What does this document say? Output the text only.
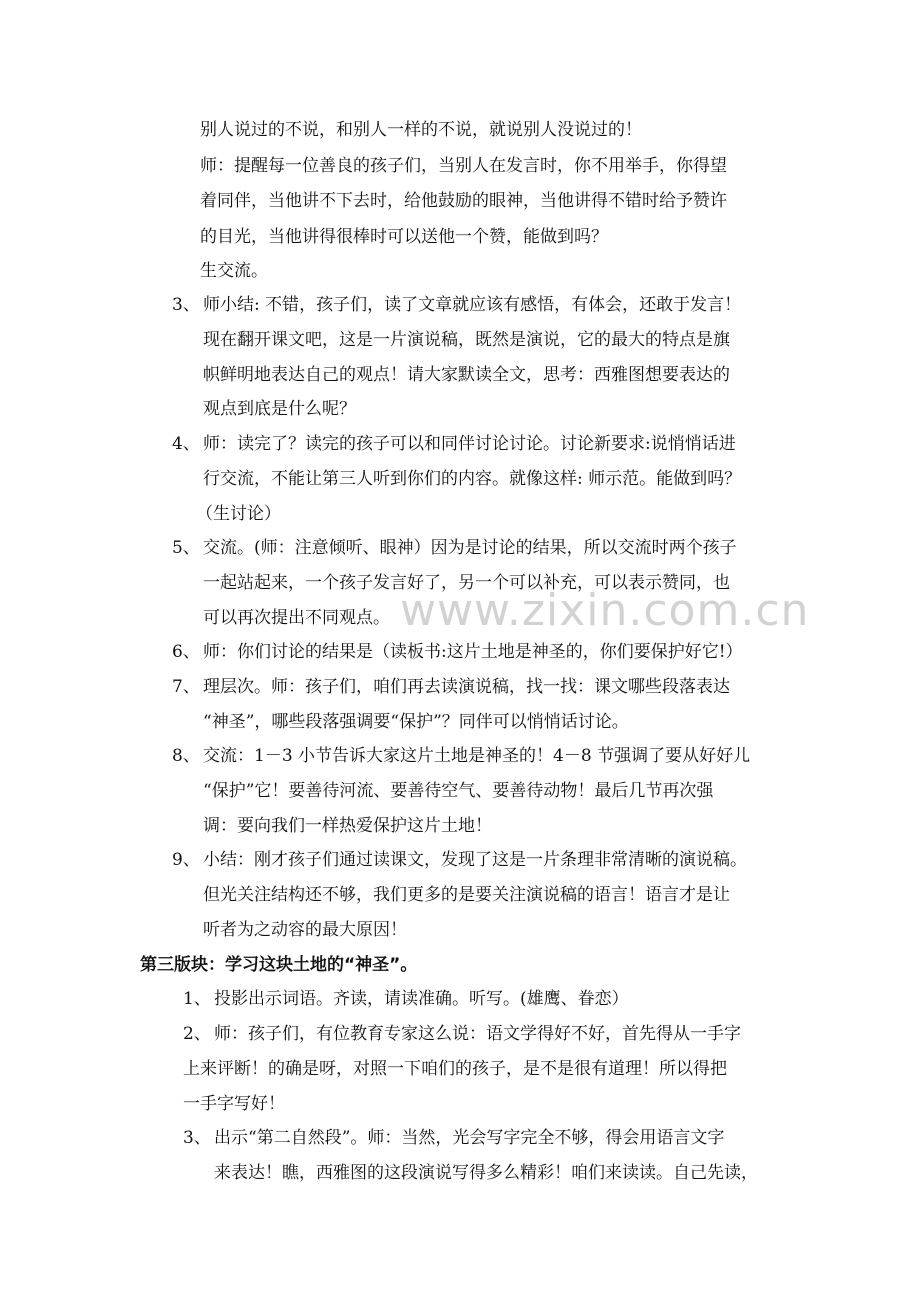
www.zixin.com.cn
别人说过的不说，和别人一样的不说，就说别人没说过的！
师：提醒每一位善良的孩子们，当别人在发言时，你不用举手，你得望
着同伴，当他讲不下去时，给他鼓励的眼神，当他讲得不错时给予赞许
的目光，当他讲得很棒时可以送他一个赞，能做到吗？
生交流。
3、 师小结: 不错，孩子们，读了文章就应该有感悟，有体会，还敢于发言！
现在翻开课文吧，这是一片演说稿，既然是演说，它的最大的特点是旗
帜鲜明地表达自己的观点！请大家默读全文，思考：西雅图想要表达的
观点到底是什么呢？
4、 师：读完了？读完的孩子可以和同伴讨论讨论。讨论新要求:说悄悄话进
行交流，不能让第三人听到你们的内容。就像这样: 师示范。能做到吗？
（生讨论）
5、 交流。(师：注意倾听、眼神）因为是讨论的结果，所以交流时两个孩子
一起站起来，一个孩子发言好了，另一个可以补充，可以表示赞同，也
可以再次提出不同观点。
6、 师：你们讨论的结果是（读板书:这片土地是神圣的，你们要保护好它!）
7、 理层次。师：孩子们，咱们再去读演说稿，找一找：课文哪些段落表达
“神圣”，哪些段落强调要“保护”？同伴可以悄悄话讨论。
8、 交流：1－3 小节告诉大家这片土地是神圣的！4－8 节强调了要从好好儿
“保护”它！要善待河流、要善待空气、要善待动物！最后几节再次强
调：要向我们一样热爱保护这片土地！
9、 小结：刚才孩子们通过读课文，发现了这是一片条理非常清晰的演说稿。
但光关注结构还不够，我们更多的是要关注演说稿的语言！语言才是让
听者为之动容的最大原因！
第三版块：学习这块土地的“神圣”。
1、 投影出示词语。齐读，请读准确。听写。(雄鹰、眷恋）
2、 师：孩子们，有位教育专家这么说：语文学得好不好，首先得从一手字
上来评断！的确是呀，对照一下咱们的孩子，是不是很有道理！所以得把
一手字写好！
3、 出示“第二自然段”。师：当然，光会写字完全不够，得会用语言文字
来表达！瞧，西雅图的这段演说写得多么精彩！咱们来读读。自己先读，
